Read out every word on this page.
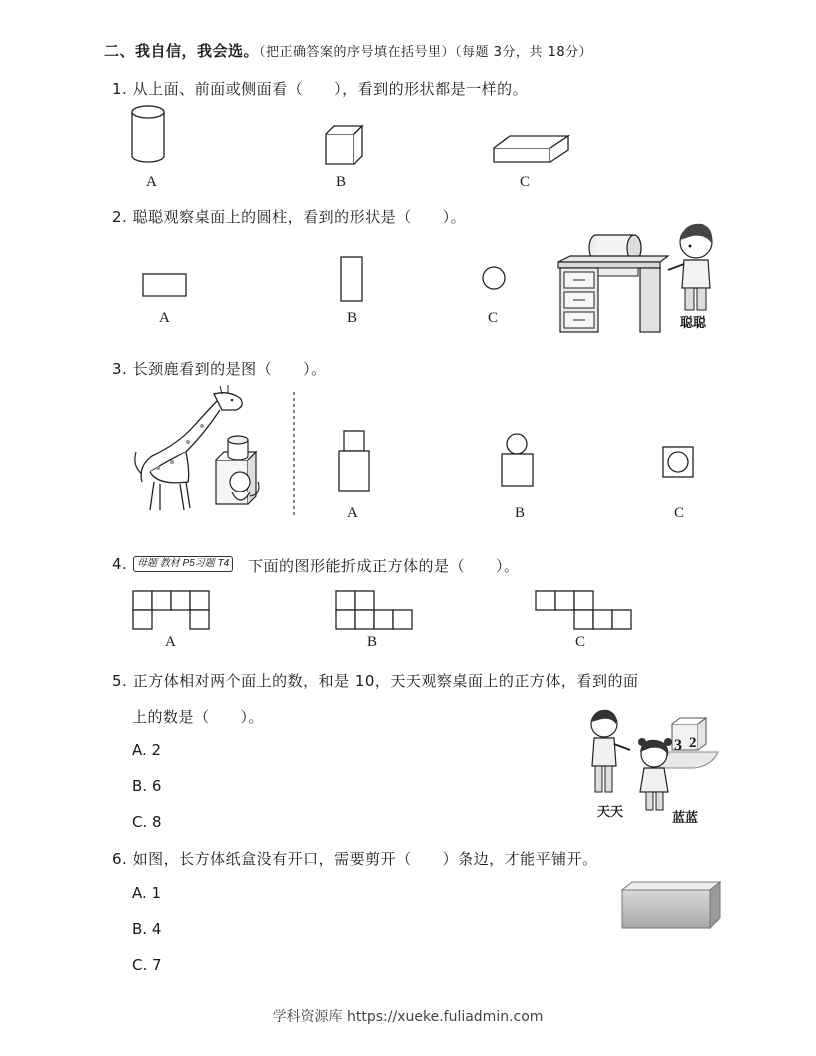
二、我自信，我会选。（把正确答案的序号填在括号里）（每题 3分，共 18分）
1. 从上面、前面或侧面看（　　），看到的形状都是一样的。
A	B	C
2. 聪聪观察桌面上的圆柱，看到的形状是（　　）。
A	B	C	聪聪
3. 长颈鹿看到的是图（　　）。
A	B	C
4. 母题 教材 P5习题 T4 下面的图形能折成正方体的是（　　）。
A	B	C
5. 正方体相对两个面上的数，和是 10，天天观察桌面上的正方体，看到的面
上的数是（　　）。
A. 2
B. 6
C. 8
3 2
天天	蓝蓝
6. 如图，长方体纸盒没有开口，需要剪开（　　）条边，才能平铺开。
A. 1
B. 4
C. 7
学科资源库 https://xueke.fuliadmin.com
